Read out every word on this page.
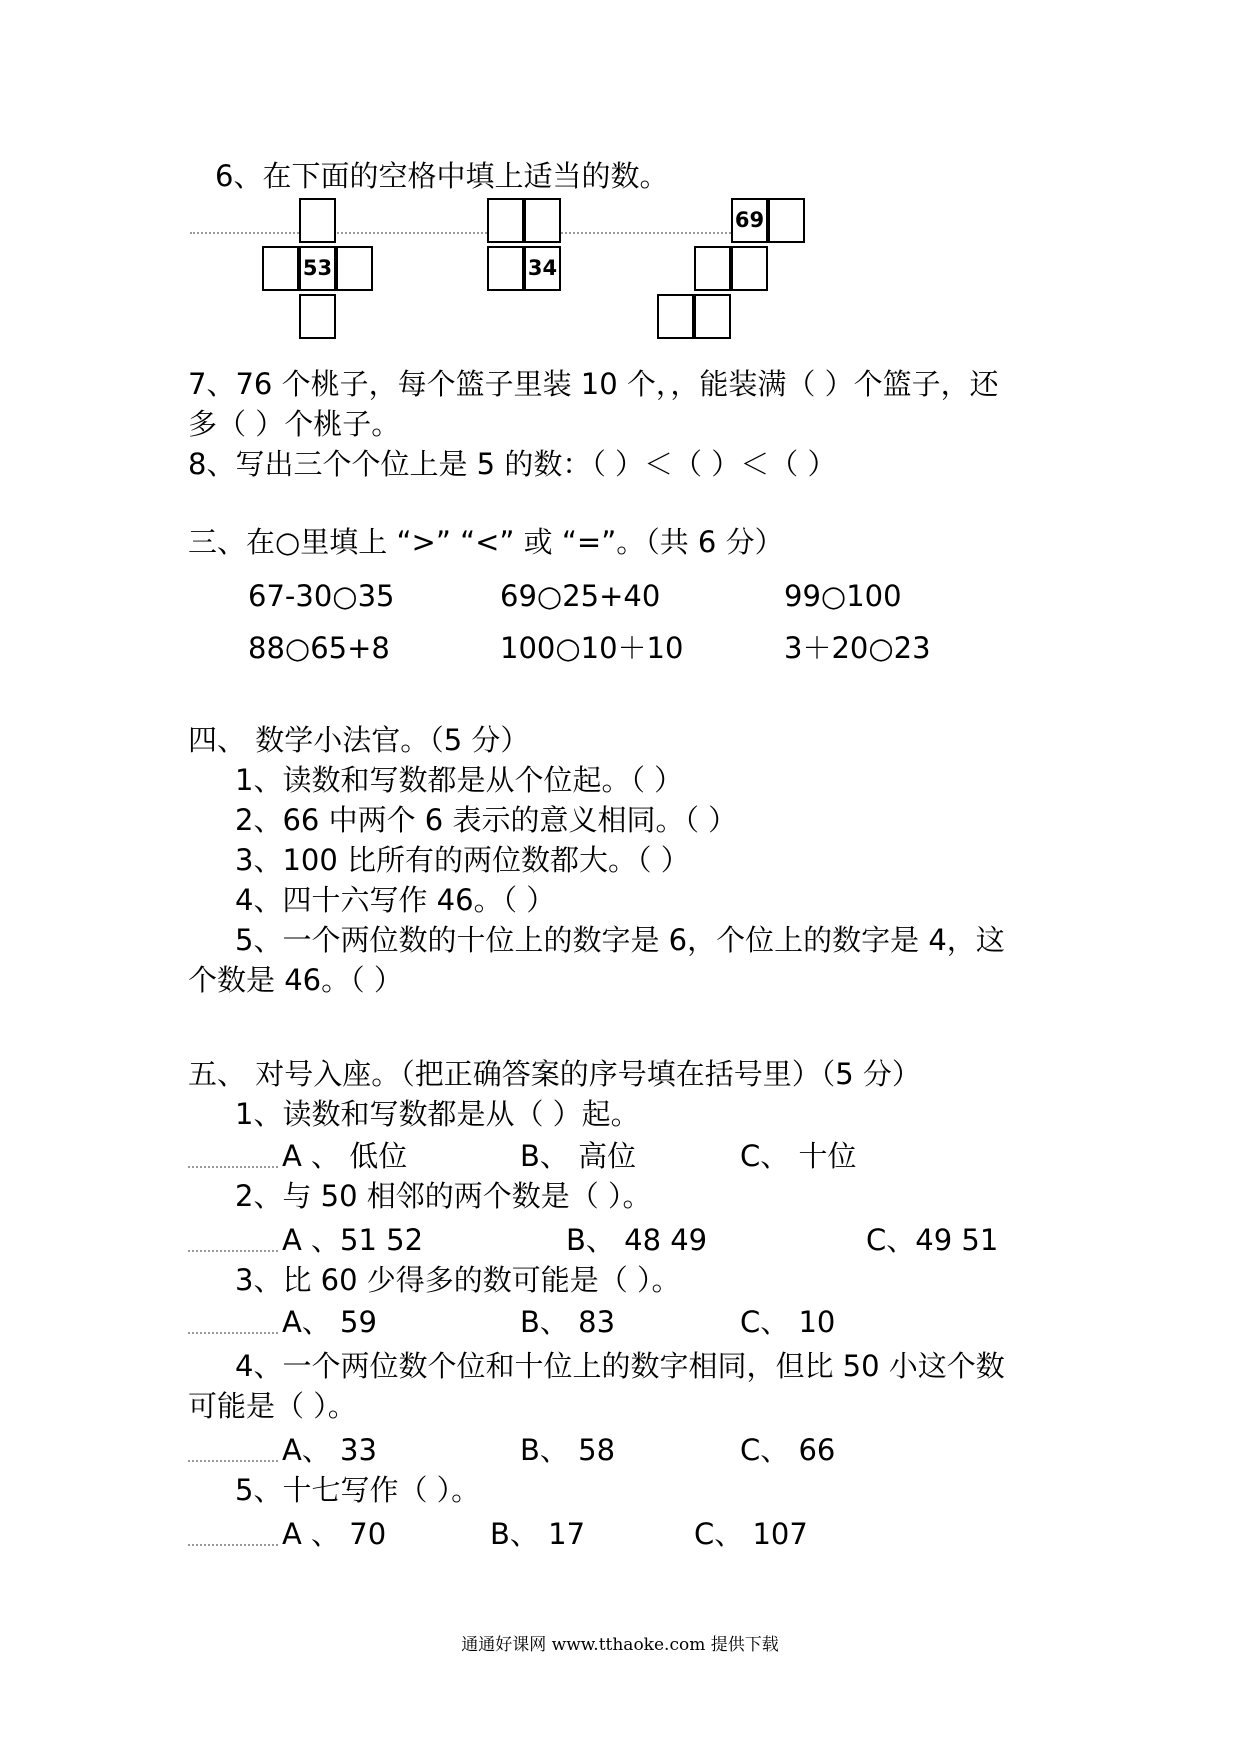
6、在下面的空格中填上适当的数。
53	34
69
7、76 个桃子，每个篮子里装 10 个，，能装满（ ）个篮子，还
多（ ）个桃子。
8、写出三个个位上是 5 的数：（ ）＜（ ）＜（ ）
三、在○里填上 “>” “<” 或 “=”。（共 6 分）
67-30○35	69○25+40	99○100
88○65+8	100○10＋10	3＋20○23
四、 数学小法官。（5 分）
1、读数和写数都是从个位起。（ ）
2、66 中两个 6 表示的意义相同。（ ）
3、100 比所有的两位数都大。（ ）
4、四十六写作 46。（ ）
5、一个两位数的十位上的数字是 6，个位上的数字是 4，这
个数是 46。（ ）
五、 对号入座。（把正确答案的序号填在括号里）（5 分）
1、读数和写数都是从（ ）起。
A 、 低位	B、 高位	C、 十位
2、与 50 相邻的两个数是（ ）。
A 、51 52	B、 48 49	C、49 51
3、比 60 少得多的数可能是（ ）。
A、 59	B、 83	C、 10
4、一个两位数个位和十位上的数字相同，但比 50 小这个数
可能是（ ）。
A、 33	B、 58	C、 66
5、十七写作（ ）。
A 、 70	B、 17	C、 107
通通好课网 www.tthaoke.com 提供下载
